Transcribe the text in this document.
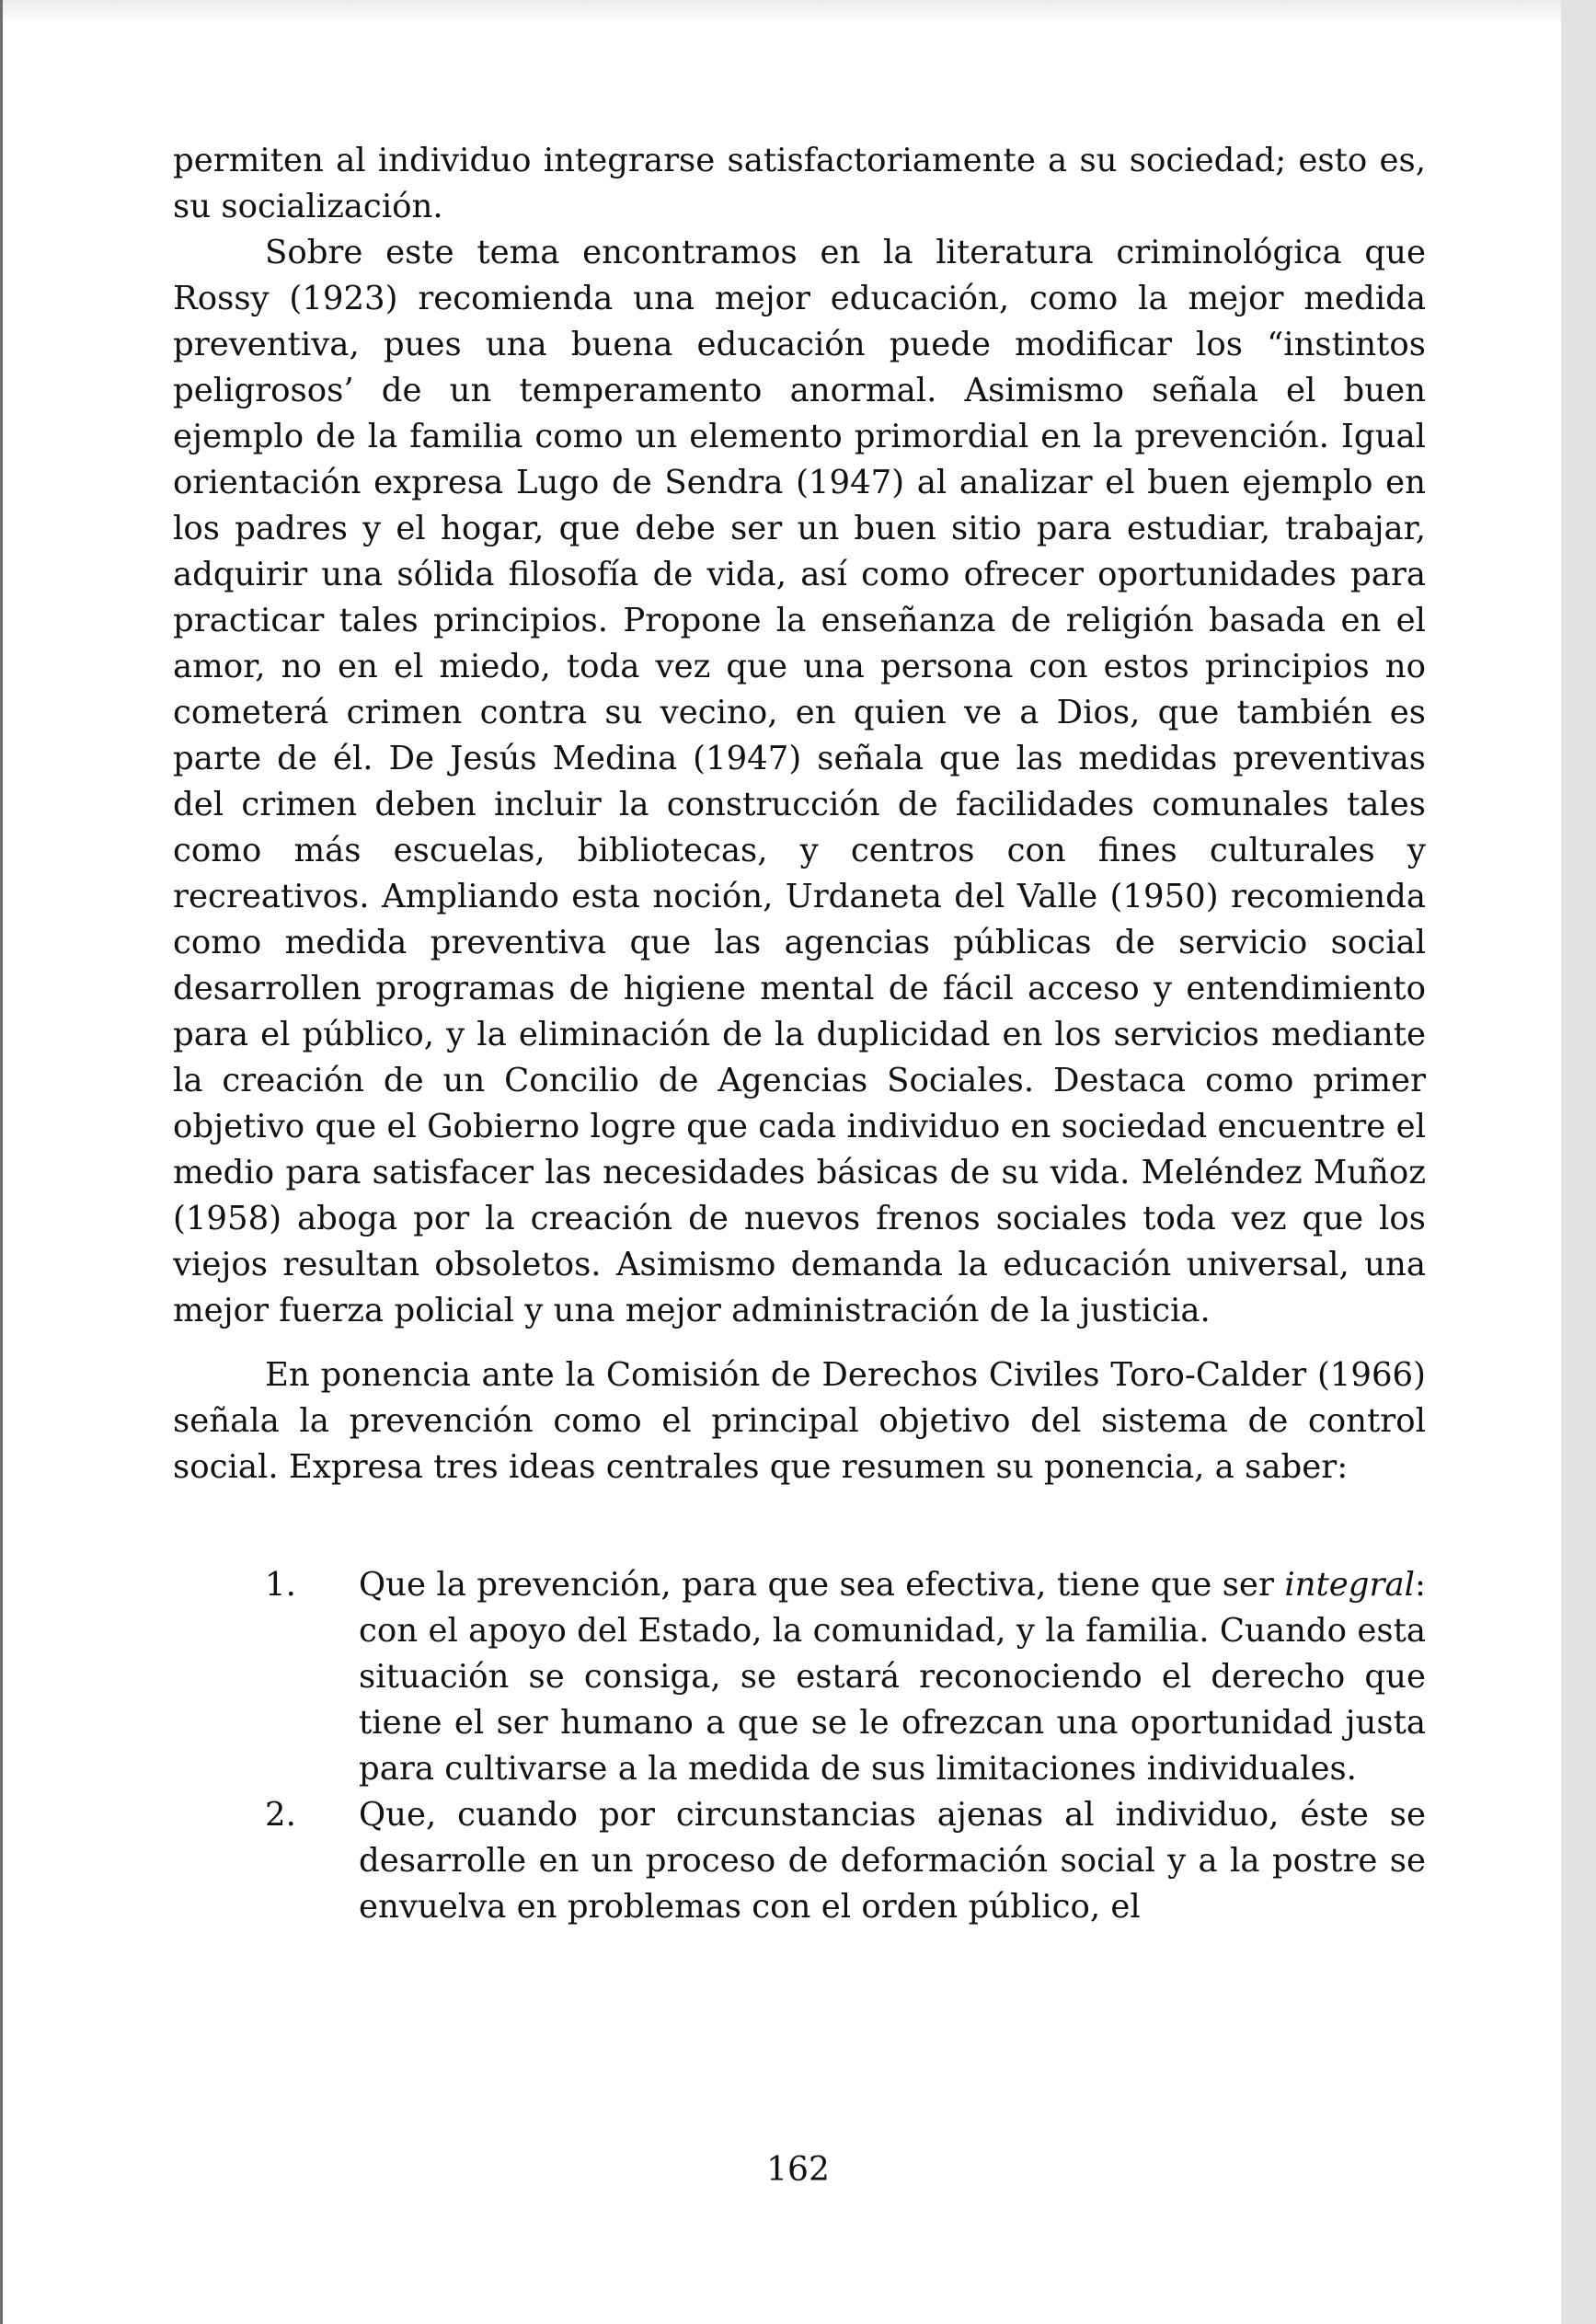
permiten al individuo integrarse satisfactoriamente a su sociedad; esto es, su socialización.

Sobre este tema encontramos en la literatura criminológica que Rossy (1923) recomienda una mejor educación, como la mejor medida preventiva, pues una buena educación puede modificar los “instintos peligrosos’ de un temperamento anormal. Asimismo señala el buen ejemplo de la familia como un elemento primordial en la prevención. Igual orientación expresa Lugo de Sendra (1947) al analizar el buen ejemplo en los padres y el hogar, que debe ser un buen sitio para estudiar, trabajar, adquirir una sólida filosofía de vida, así como ofrecer oportunidades para practicar tales principios. Propone la enseñanza de religión basada en el amor, no en el miedo, toda vez que una persona con estos principios no cometerá crimen contra su vecino, en quien ve a Dios, que también es parte de él. De Jesús Medina (1947) señala que las medidas preventivas del crimen deben incluir la construcción de facilidades comunales tales como más escuelas, bibliotecas, y centros con fines culturales y recreativos. Ampliando esta noción, Urdaneta del Valle (1950) recomienda como medida preventiva que las agencias públicas de servicio social desarrollen programas de higiene mental de fácil acceso y entendimiento para el público, y la eliminación de la duplicidad en los servicios mediante la creación de un Concilio de Agencias Sociales. Destaca como primer objetivo que el Gobierno logre que cada individuo en sociedad encuentre el medio para satisfacer las necesidades básicas de su vida. Meléndez Muñoz (1958) aboga por la creación de nuevos frenos sociales toda vez que los viejos resultan obsoletos. Asimismo demanda la educación universal, una mejor fuerza policial y una mejor administración de la justicia.

En ponencia ante la Comisión de Derechos Civiles Toro-Calder (1966) señala la prevención como el principal objetivo del sistema de control social. Expresa tres ideas centrales que resumen su ponencia, a saber:

1. Que la prevención, para que sea efectiva, tiene que ser integral: con el apoyo del Estado, la comunidad, y la familia. Cuando esta situación se consiga, se estará reconociendo el derecho que tiene el ser humano a que se le ofrezcan una oportunidad justa para cultivarse a la medida de sus limitaciones individuales.
2. Que, cuando por circunstancias ajenas al individuo, éste se desarrolle en un proceso de deformación social y a la postre se envuelva en problemas con el orden público, el
162
